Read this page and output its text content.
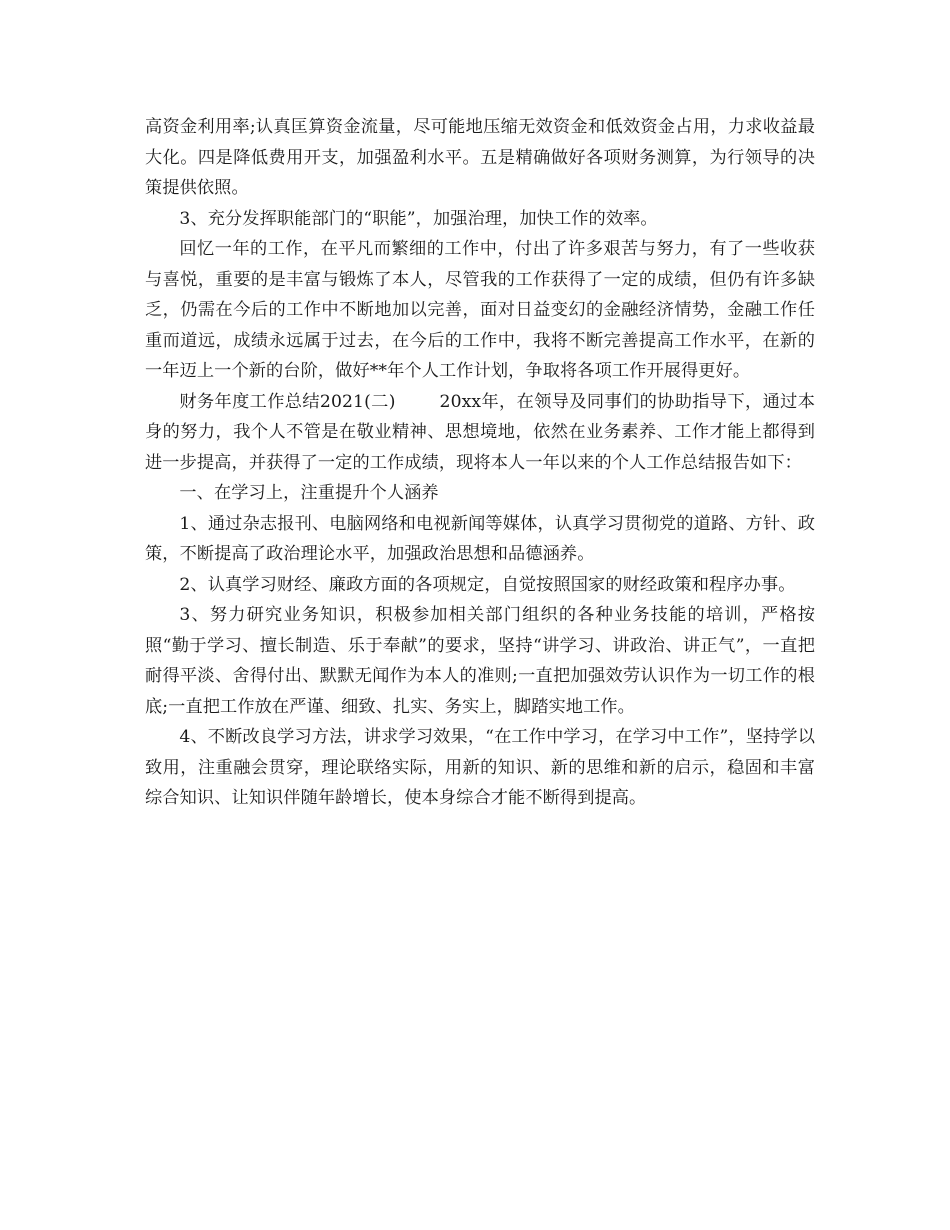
高资金利用率;认真匡算资金流量，尽可能地压缩无效资金和低效资金占用，力求收益最大化。四是降低费用开支，加强盈利水平。五是精确做好各项财务测算，为行领导的决策提供依照。

3、充分发挥职能部门的“职能”，加强治理，加快工作的效率。

回忆一年的工作，在平凡而繁细的工作中，付出了许多艰苦与努力，有了一些收获与喜悦，重要的是丰富与锻炼了本人，尽管我的工作获得了一定的成绩，但仍有许多缺乏，仍需在今后的工作中不断地加以完善，面对日益变幻的金融经济情势，金融工作任重而道远，成绩永远属于过去，在今后的工作中，我将不断完善提高工作水平，在新的一年迈上一个新的台阶，做好**年个人工作计划，争取将各项工作开展得更好。

财务年度工作总结2021(二)	20xx年，在领导及同事们的协助指导下，通过本身的努力，我个人不管是在敬业精神、思想境地，依然在业务素养、工作才能上都得到进一步提高，并获得了一定的工作成绩，现将本人一年以来的个人工作总结报告如下：

一、在学习上，注重提升个人涵养

1、通过杂志报刊、电脑网络和电视新闻等媒体，认真学习贯彻党的道路、方针、政策，不断提高了政治理论水平，加强政治思想和品德涵养。

2、认真学习财经、廉政方面的各项规定，自觉按照国家的财经政策和程序办事。

3、努力研究业务知识，积极参加相关部门组织的各种业务技能的培训，严格按照“勤于学习、擅长制造、乐于奉献”的要求，坚持“讲学习、讲政治、讲正气”，一直把耐得平淡、舍得付出、默默无闻作为本人的准则;一直把加强效劳认识作为一切工作的根底;一直把工作放在严谨、细致、扎实、务实上，脚踏实地工作。

4、不断改良学习方法，讲求学习效果，“在工作中学习，在学习中工作”，坚持学以致用，注重融会贯穿，理论联络实际，用新的知识、新的思维和新的启示，稳固和丰富综合知识、让知识伴随年龄增长，使本身综合才能不断得到提高。
